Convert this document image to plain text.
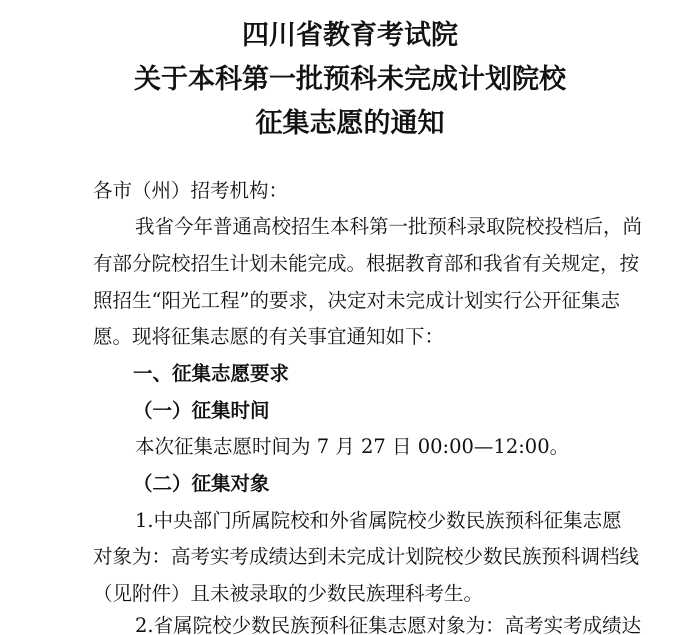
四川省教育考试院
关于本科第一批预科未完成计划院校
征集志愿的通知
各市（州）招考机构：
我省今年普通高校招生本科第一批预科录取院校投档后，尚
有部分院校招生计划未能完成。根据教育部和我省有关规定，按
照招生“阳光工程”的要求，决定对未完成计划实行公开征集志
愿。现将征集志愿的有关事宜通知如下：
一、征集志愿要求
（一）征集时间
本次征集志愿时间为 7 月 27 日 00:00—12:00。
（二）征集对象
1.中央部门所属院校和外省属院校少数民族预科征集志愿
对象为：高考实考成绩达到未完成计划院校少数民族预科调档线
（见附件）且未被录取的少数民族理科考生。
2.省属院校少数民族预科征集志愿对象为：高考实考成绩达
